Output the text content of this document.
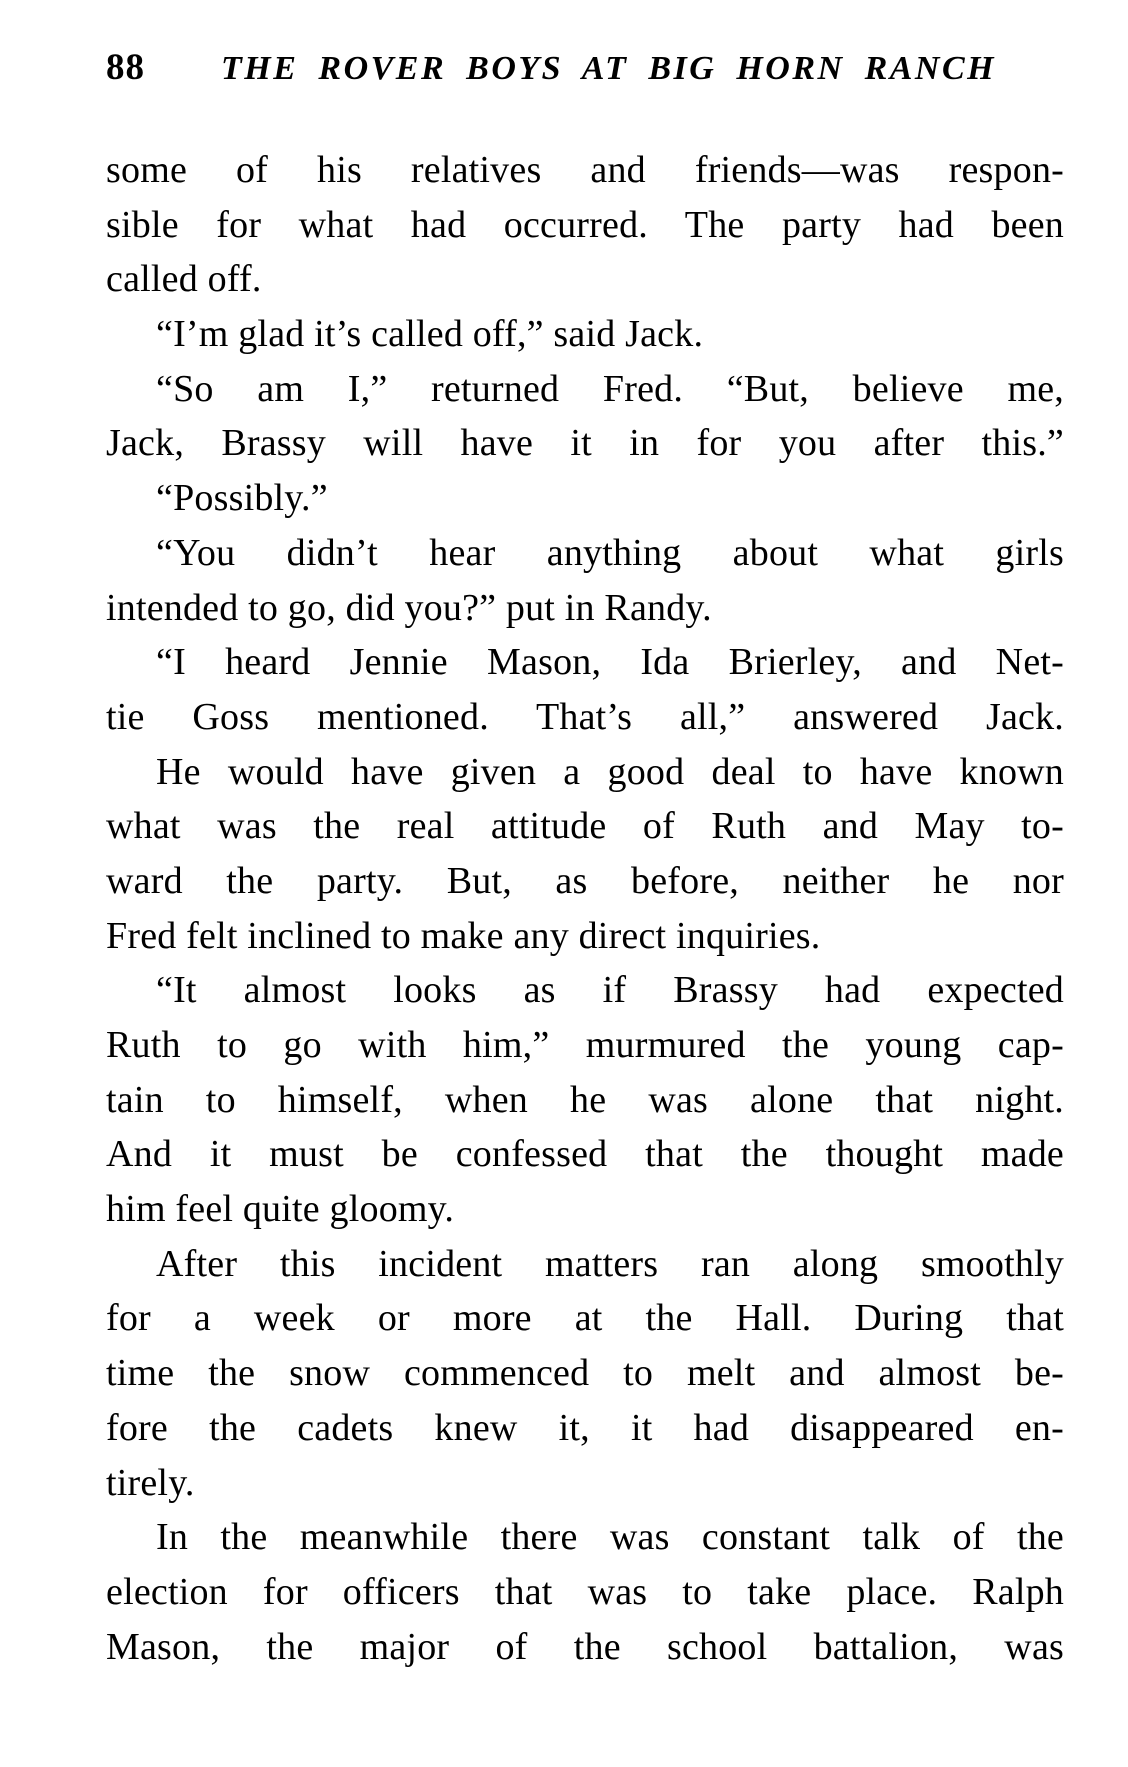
88 THE ROVER BOYS AT BIG HORN RANCH
some of his relatives and friends—was respon-
sible for what had occurred. The party had been
called off.
“I’m glad it’s called off,” said Jack.
“So am I,” returned Fred. “But, believe me,
Jack, Brassy will have it in for you after this.”
“Possibly.”
“You didn’t hear anything about what girls
intended to go, did you?” put in Randy.
“I heard Jennie Mason, Ida Brierley, and Net-
tie Goss mentioned. That’s all,” answered Jack.
He would have given a good deal to have known
what was the real attitude of Ruth and May to-
ward the party. But, as before, neither he nor
Fred felt inclined to make any direct inquiries.
“It almost looks as if Brassy had expected
Ruth to go with him,” murmured the young cap-
tain to himself, when he was alone that night.
And it must be confessed that the thought made
him feel quite gloomy.
After this incident matters ran along smoothly
for a week or more at the Hall. During that
time the snow commenced to melt and almost be-
fore the cadets knew it, it had disappeared en-
tirely.
In the meanwhile there was constant talk of the
election for officers that was to take place. Ralph
Mason, the major of the school battalion, was
